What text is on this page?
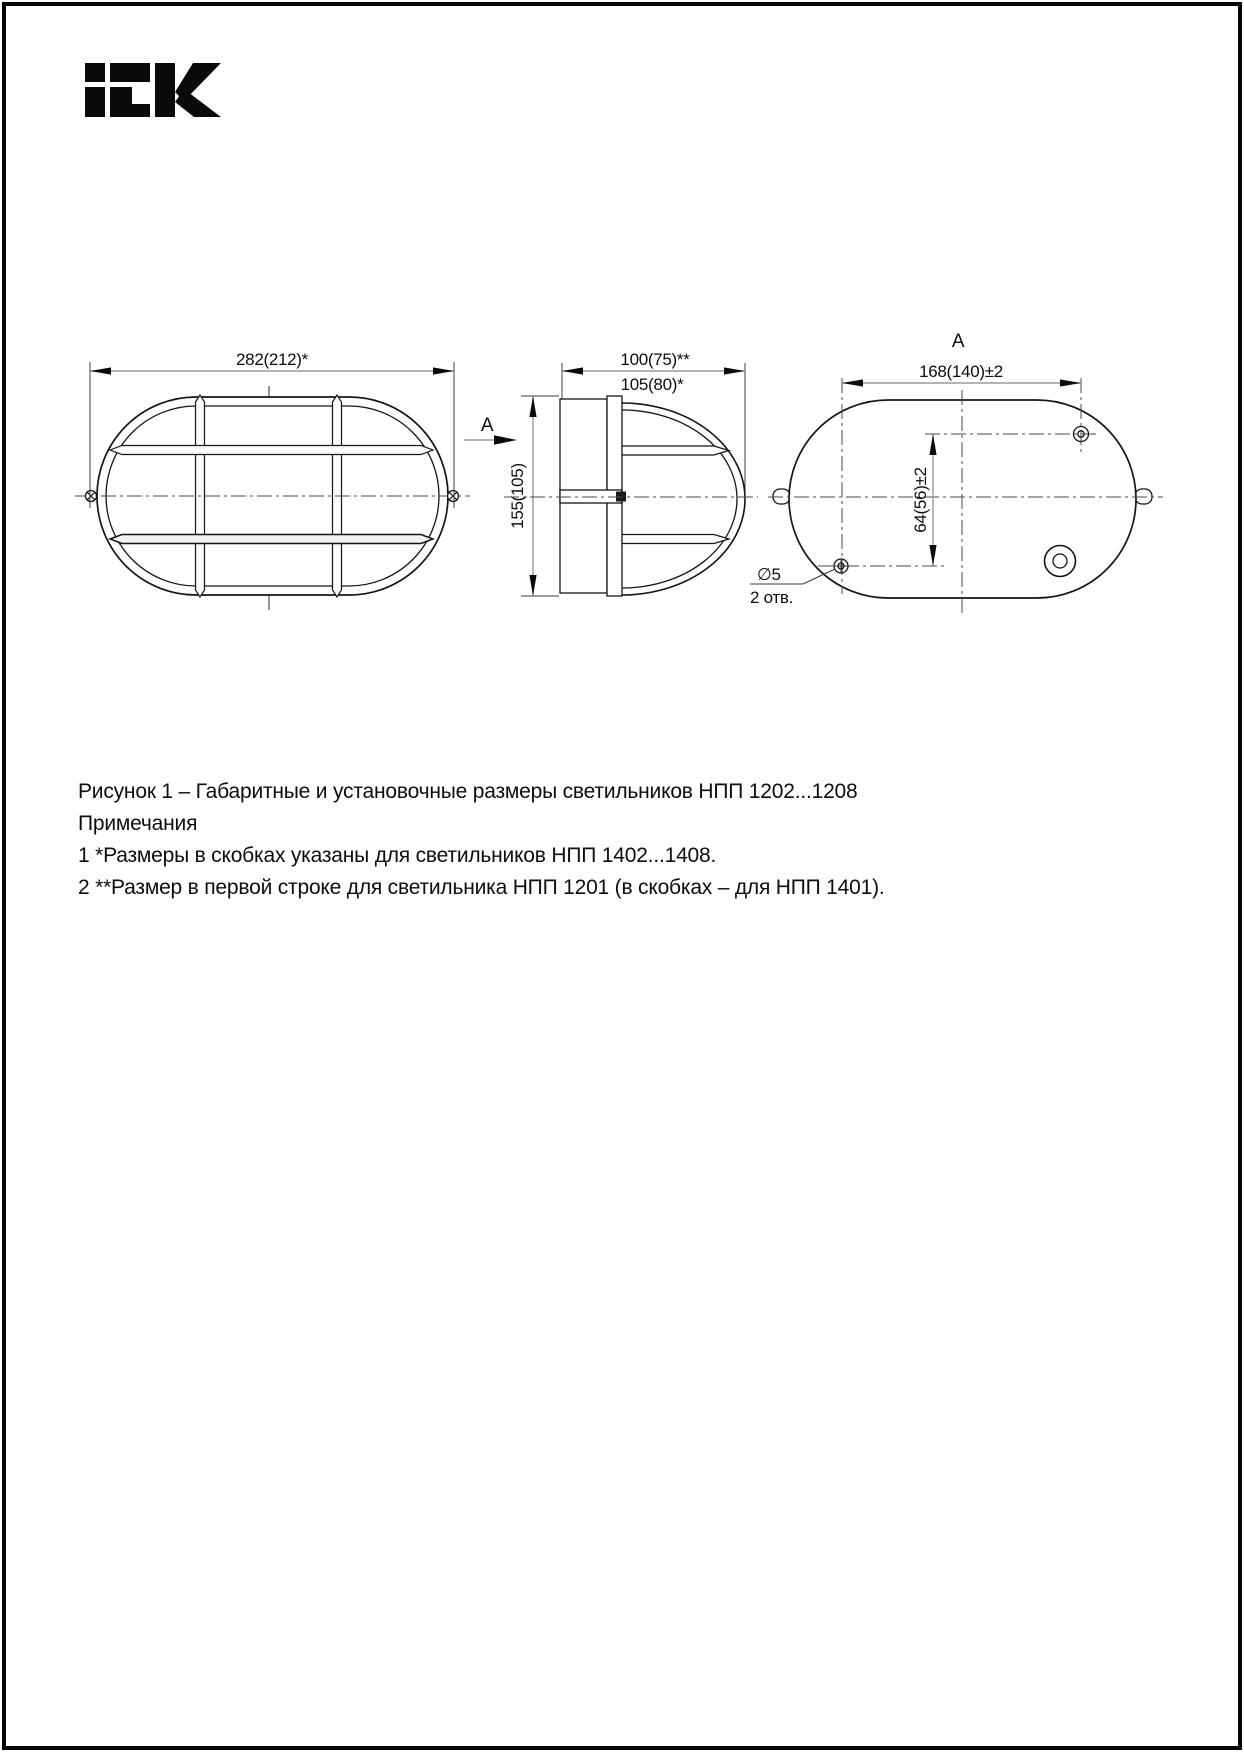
282(212)*
A
100(75)**
105(80)*
155(105)
A
168(140)±2
64(56)±2
∅5
2 отв.
Рисунок 1 – Габаритные и установочные размеры светильников НПП 1202...1208
Примечания
1 *Размеры в скобках указаны для светильников НПП 1402...1408.
2 **Размер в первой строке для светильника НПП 1201 (в скобках – для НПП 1401).
